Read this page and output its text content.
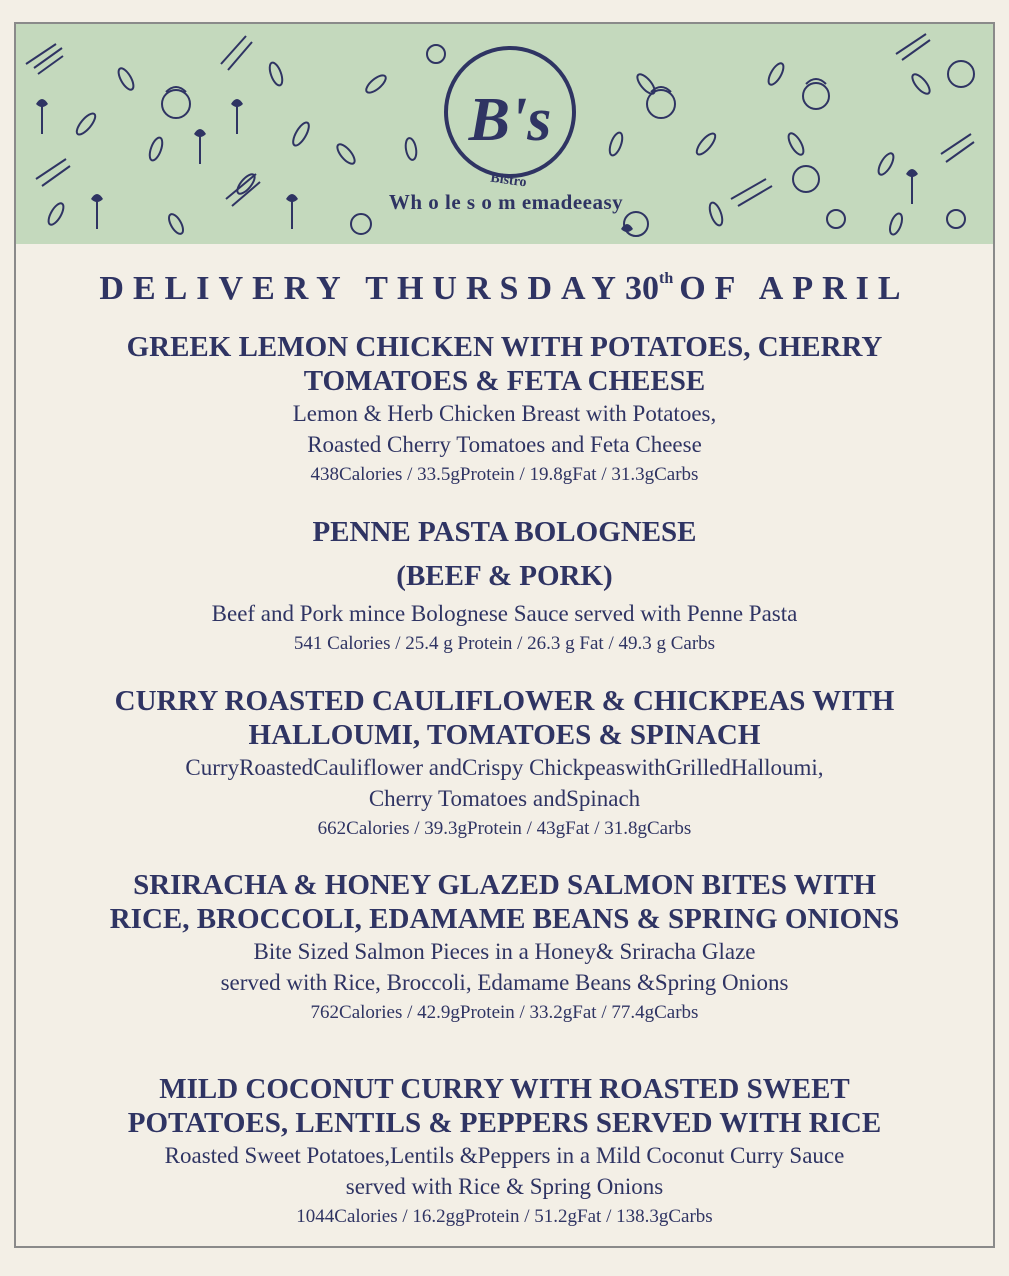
B's
Bistro
Wh o le s o m emadeeasy
DELIVERY THURSDAY30th OF APRIL
GREEK LEMON CHICKEN WITH POTATOES, CHERRY
TOMATOES & FETA CHEESE
Lemon & Herb Chicken Breast with Potatoes,
Roasted Cherry Tomatoes and Feta Cheese
438Calories / 33.5gProtein / 19.8gFat / 31.3gCarbs
PENNE PASTA BOLOGNESE
(BEEF & PORK)
Beef and Pork mince Bolognese Sauce served with Penne Pasta
541 Calories / 25.4 g Protein / 26.3 g Fat / 49.3 g Carbs
CURRY ROASTED CAULIFLOWER & CHICKPEAS WITH
HALLOUMI, TOMATOES & SPINACH
CurryRoastedCauliflower andCrispy ChickpeaswithGrilledHalloumi,
Cherry Tomatoes andSpinach
662Calories / 39.3gProtein / 43gFat / 31.8gCarbs
SRIRACHA & HONEY GLAZED SALMON BITES WITH
RICE, BROCCOLI, EDAMAME BEANS & SPRING ONIONS
Bite Sized Salmon Pieces in a Honey& Sriracha Glaze
served with Rice, Broccoli, Edamame Beans &Spring Onions
762Calories / 42.9gProtein / 33.2gFat / 77.4gCarbs
MILD COCONUT CURRY WITH ROASTED SWEET
POTATOES, LENTILS & PEPPERS SERVED WITH RICE
Roasted Sweet Potatoes,Lentils &Peppers in a Mild Coconut Curry Sauce
served with Rice & Spring Onions
1044Calories / 16.2ggProtein / 51.2gFat / 138.3gCarbs
